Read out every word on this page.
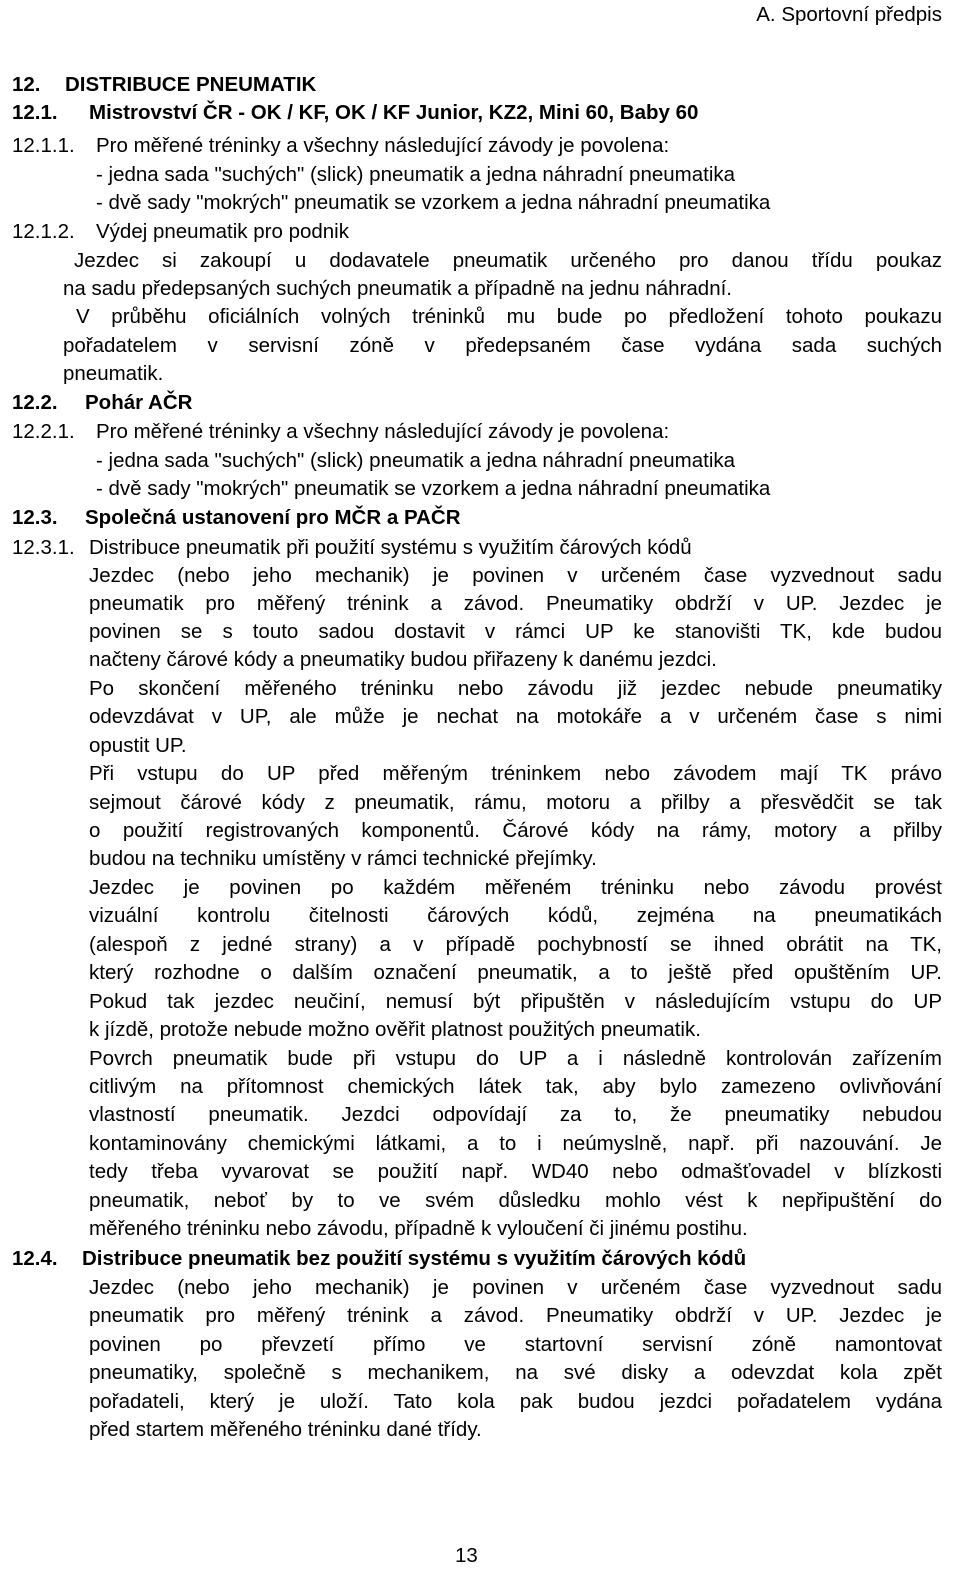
A. Sportovní předpis
12. DISTRIBUCE PNEUMATIK
12.1. Mistrovství ČR - OK / KF, OK / KF Junior, KZ2, Mini 60, Baby 60
12.1.1. Pro měřené tréninky a všechny následující závody je povolena:
- jedna sada "suchých" (slick) pneumatik a jedna náhradní pneumatika
- dvě sady "mokrých" pneumatik se vzorkem a jedna náhradní pneumatika
12.1.2. Výdej pneumatik pro podnik
Jezdec si zakoupí u dodavatele pneumatik určeného pro danou třídu poukaz
na sadu předepsaných suchých pneumatik a případně na jednu náhradní.
V průběhu oficiálních volných tréninků mu bude po předložení tohoto poukazu
pořadatelem v servisní zóně v předepsaném čase vydána sada suchých
pneumatik.
12.2. Pohár AČR
12.2.1. Pro měřené tréninky a všechny následující závody je povolena:
- jedna sada "suchých" (slick) pneumatik a jedna náhradní pneumatika
- dvě sady "mokrých" pneumatik se vzorkem a jedna náhradní pneumatika
12.3. Společná ustanovení pro MČR a PAČR
12.3.1. Distribuce pneumatik při použití systému s využitím čárových kódů
Jezdec (nebo jeho mechanik) je povinen v určeném čase vyzvednout sadu
pneumatik pro měřený trénink a závod. Pneumatiky obdrží v UP. Jezdec je
povinen se s touto sadou dostavit v rámci UP ke stanovišti TK, kde budou
načteny čárové kódy a pneumatiky budou přiřazeny k danému jezdci.
Po skončení měřeného tréninku nebo závodu již jezdec nebude pneumatiky
odevzdávat v UP, ale může je nechat na motokáře a v určeném čase s nimi
opustit UP.
Při vstupu do UP před měřeným tréninkem nebo závodem mají TK právo
sejmout čárové kódy z pneumatik, rámu, motoru a přilby a přesvědčit se tak
o použití registrovaných komponentů. Čárové kódy na rámy, motory a přilby
budou na techniku umístěny v rámci technické přejímky.
Jezdec je povinen po každém měřeném tréninku nebo závodu provést
vizuální kontrolu čitelnosti čárových kódů, zejména na pneumatikách
(alespoň z jedné strany) a v případě pochybností se ihned obrátit na TK,
který rozhodne o dalším označení pneumatik, a to ještě před opuštěním UP.
Pokud tak jezdec neučiní, nemusí být připuštěn v následujícím vstupu do UP
k jízdě, protože nebude možno ověřit platnost použitých pneumatik.
Povrch pneumatik bude při vstupu do UP a i následně kontrolován zařízením
citlivým na přítomnost chemických látek tak, aby bylo zamezeno ovlivňování
vlastností pneumatik. Jezdci odpovídají za to, že pneumatiky nebudou
kontaminovány chemickými látkami, a to i neúmyslně, např. při nazouvání. Je
tedy třeba vyvarovat se použití např. WD40 nebo odmašťovadel v blízkosti
pneumatik, neboť by to ve svém důsledku mohlo vést k nepřipuštění do
měřeného tréninku nebo závodu, případně k vyloučení či jinému postihu.
12.4. Distribuce pneumatik bez použití systému s využitím čárových kódů
Jezdec (nebo jeho mechanik) je povinen v určeném čase vyzvednout sadu
pneumatik pro měřený trénink a závod. Pneumatiky obdrží v UP. Jezdec je
povinen po převzetí přímo ve startovní servisní zóně namontovat
pneumatiky, společně s mechanikem, na své disky a odevzdat kola zpět
pořadateli, který je uloží. Tato kola pak budou jezdci pořadatelem vydána
před startem měřeného tréninku dané třídy.
13
